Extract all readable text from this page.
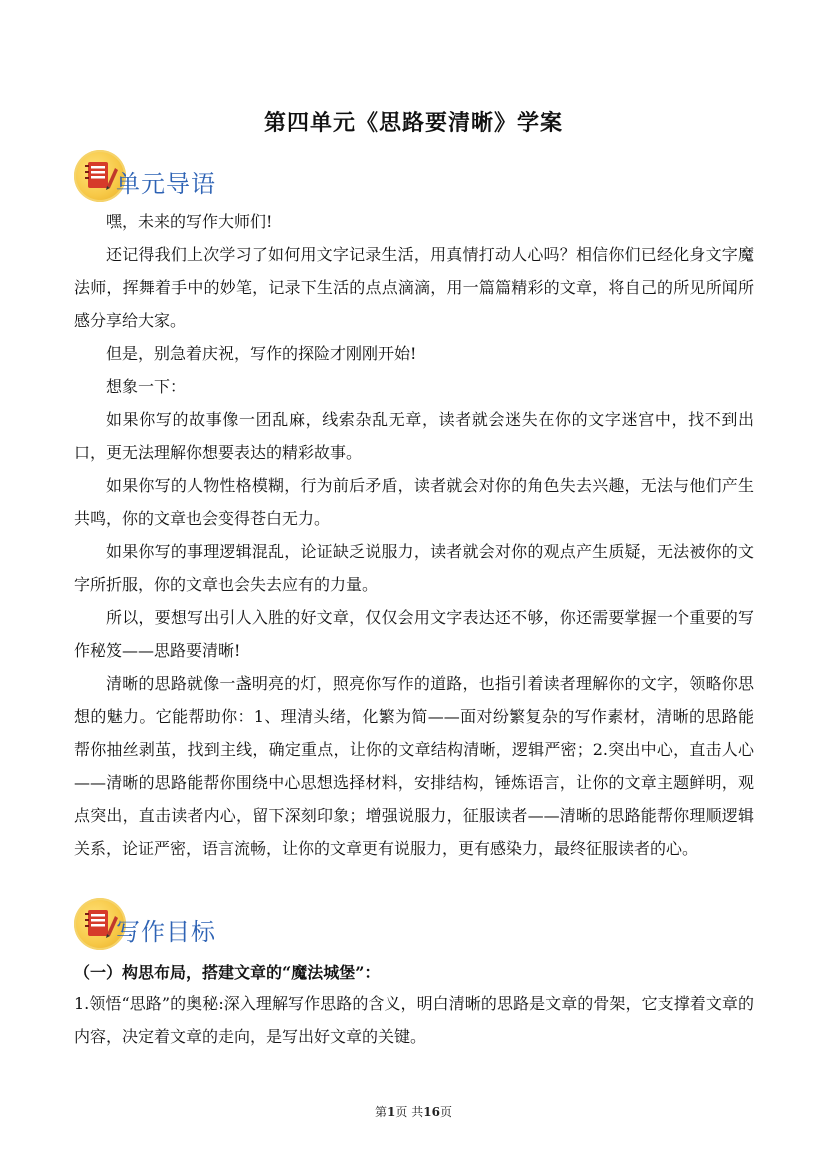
第四单元《思路要清晰》学案
单元导语

嘿，未来的写作大师们!

还记得我们上次学习了如何用文字记录生活，用真情打动人心吗？相信你们已经化身文字魔法师，挥舞着手中的妙笔，记录下生活的点点滴滴，用一篇篇精彩的文章，将自己的所见所闻所感分享给大家。

但是，别急着庆祝，写作的探险才刚刚开始!

想象一下：

如果你写的故事像一团乱麻，线索杂乱无章，读者就会迷失在你的文字迷宫中，找不到出口，更无法理解你想要表达的精彩故事。

如果你写的人物性格模糊，行为前后矛盾，读者就会对你的角色失去兴趣，无法与他们产生共鸣，你的文章也会变得苍白无力。

如果你写的事理逻辑混乱，论证缺乏说服力，读者就会对你的观点产生质疑，无法被你的文字所折服，你的文章也会失去应有的力量。

所以，要想写出引人入胜的好文章，仅仅会用文字表达还不够，你还需要掌握一个重要的写作秘笈——思路要清晰!

清晰的思路就像一盏明亮的灯，照亮你写作的道路，也指引着读者理解你的文字，领略你思想的魅力。它能帮助你：1、理清头绪，化繁为简——面对纷繁复杂的写作素材，清晰的思路能帮你抽丝剥茧，找到主线，确定重点，让你的文章结构清晰，逻辑严密；2.突出中心，直击人心——清晰的思路能帮你围绕中心思想选择材料，安排结构，锤炼语言，让你的文章主题鲜明，观点突出，直击读者内心，留下深刻印象；增强说服力，征服读者——清晰的思路能帮你理顺逻辑关系，论证严密，语言流畅，让你的文章更有说服力，更有感染力，最终征服读者的心。

写作目标
（一）构思布局，搭建文章的“魔法城堡”：

1.领悟“思路”的奥秘:深入理解写作思路的含义，明白清晰的思路是文章的骨架，它支撑着文章的内容，决定着文章的走向，是写出好文章的关键。

第1页 共16页
